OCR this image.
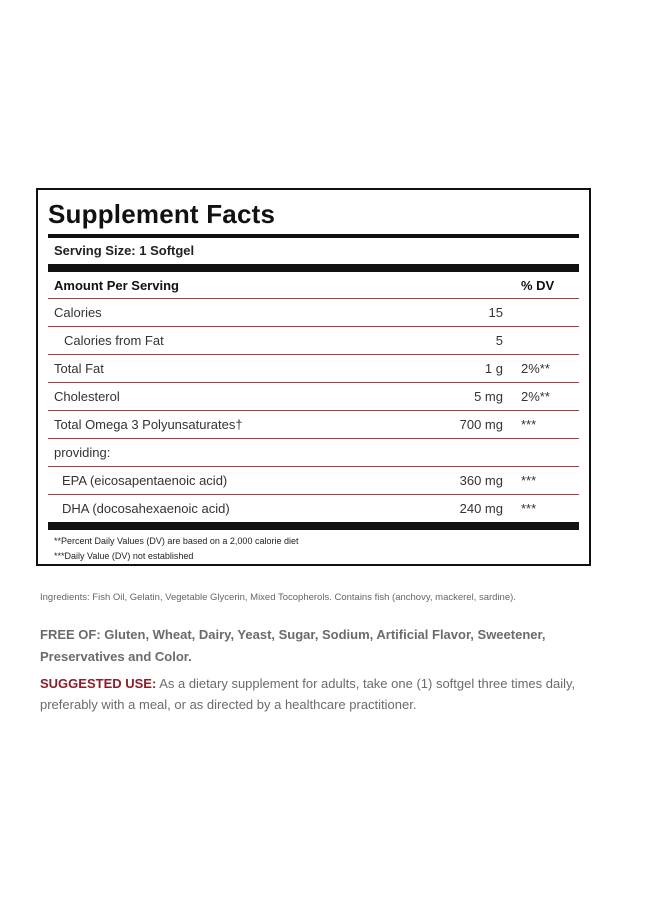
Supplement Facts
Serving Size: 1 Softgel
Amount Per Serving	% DV
Calories	15
Calories from Fat	5
Total Fat	1 g	2%**
Cholesterol	5 mg	2%**
Total Omega 3 Polyunsaturates†	700 mg	***
providing:
EPA (eicosapentaenoic acid)	360 mg	***
DHA (docosahexaenoic acid)	240 mg	***
**Percent Daily Values (DV) are based on a 2,000 calorie diet
***Daily Value (DV) not established
Ingredients: Fish Oil, Gelatin, Vegetable Glycerin, Mixed Tocopherols. Contains fish (anchovy, mackerel, sardine).
FREE OF: Gluten, Wheat, Dairy, Yeast, Sugar, Sodium, Artificial Flavor, Sweetener, Preservatives and Color.
SUGGESTED USE: As a dietary supplement for adults, take one (1) softgel three times daily, preferably with a meal, or as directed by a healthcare practitioner.
